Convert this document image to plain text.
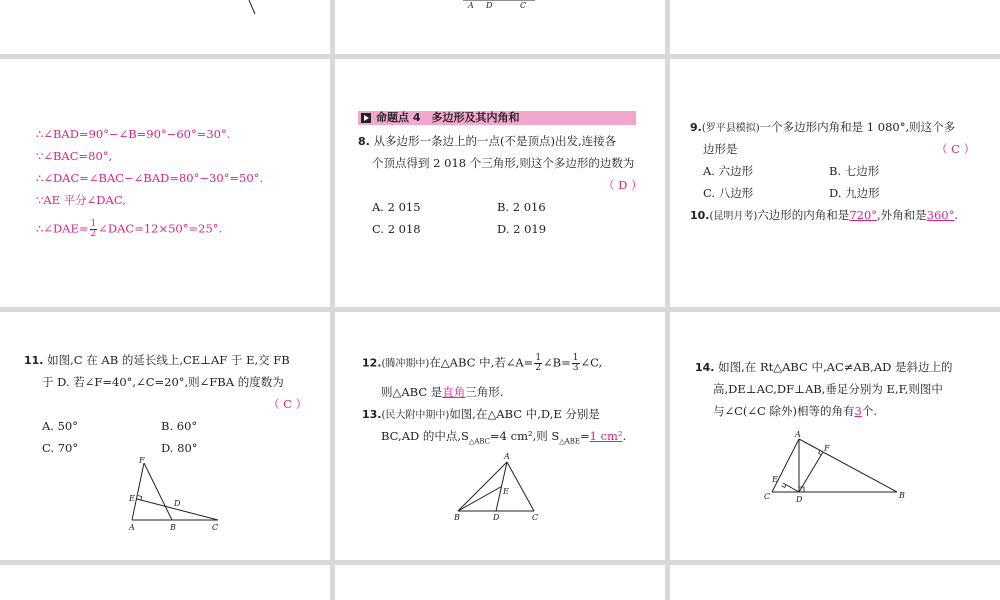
A D	C
∴∠BAD=90°−∠B=90°−60°=30°.
∵∠BAC=80°,
∴∠DAC=∠BAC−∠BAD=80°−30°=50°.
∵AE 平分∠DAC,
∴∠DAE= $\frac{1}{2}$ ∠DAC=12×50°=25°.
命题点 4　多边形及其内角和
8. 从多边形一条边上的一点(不是顶点)出发,连接各
个顶点得到 2 018 个三角形,则这个多边形的边数为
（ D ）
A. 2 015	B. 2 016
C. 2 018	D. 2 019
9.(罗平县模拟)一个多边形内角和是 1 080°,则这个多
边形是	（ C ）
A. 六边形	B. 七边形
C. 八边形	D. 九边形
10.(昆明月考)六边形的内角和是720°,外角和是360°.
11. 如图,C 在 AB 的延长线上,CE⊥AF 于 E,交 FB
于 D. 若∠F=40°,∠C=20°,则∠FBA 的度数为
（ C ）
A. 50°	B. 60°
C. 70°	D. 80°
F
E
D
A	B	C
12.(腾冲期中)在△ABC 中,若∠A= $\frac{1}{2}$ ∠B= $\frac{1}{3}$ ∠C,
则△ABC 是直角三角形.
13.(民大附中期中)如图,在△ABC 中,D,E 分别是
BC,AD 的中点$,S_{\triangle ABC}=4$ cm²,则 $S_{\triangle ABE}=1$ cm².
A
E
B	D	C
14. 如图,在 Rt△ABC 中,AC≠AB,AD 是斜边上的
高,DE⊥AC,DF⊥AB,垂足分别为 E,F,则图中
与∠C(∠C 除外)相等的角有3个.
A
F
E
C	D	B
